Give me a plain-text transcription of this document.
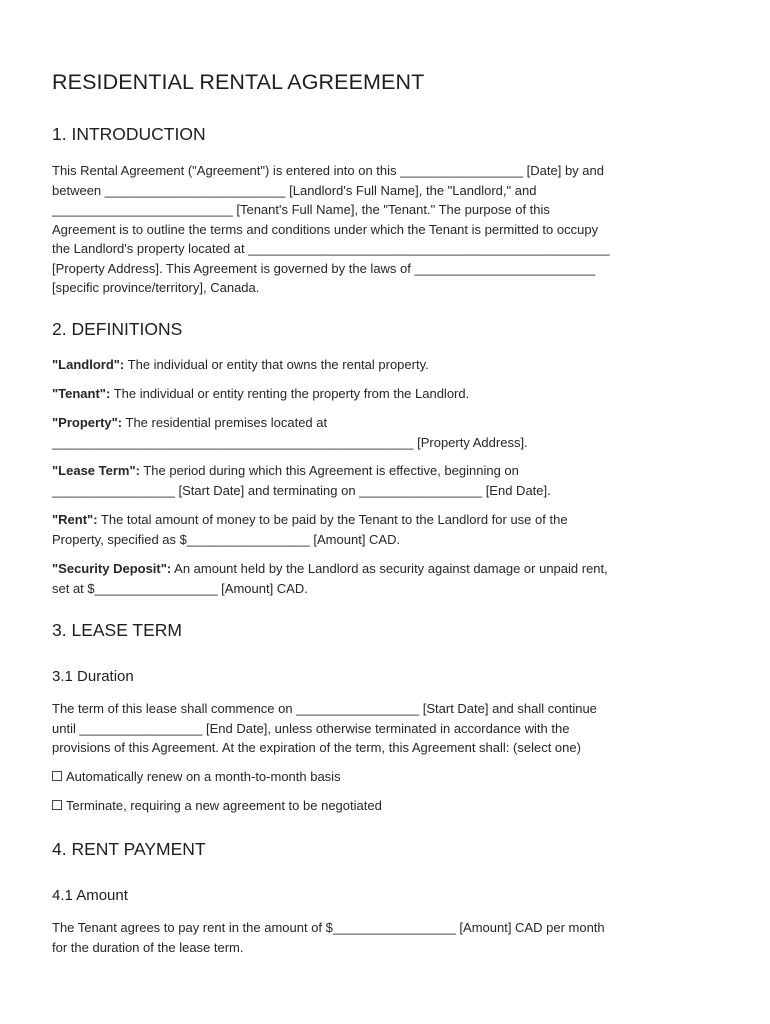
RESIDENTIAL RENTAL AGREEMENT
1. INTRODUCTION
This Rental Agreement ("Agreement") is entered into on this _________________ [Date] by and
between _________________________ [Landlord's Full Name], the "Landlord," and
_________________________ [Tenant's Full Name], the "Tenant." The purpose of this
Agreement is to outline the terms and conditions under which the Tenant is permitted to occupy
the Landlord's property located at __________________________________________________
[Property Address]. This Agreement is governed by the laws of _________________________
[specific province/territory], Canada.
2. DEFINITIONS
"Landlord": The individual or entity that owns the rental property.
"Tenant": The individual or entity renting the property from the Landlord.
"Property": The residential premises located at
__________________________________________________ [Property Address].
"Lease Term": The period during which this Agreement is effective, beginning on
_________________ [Start Date] and terminating on _________________ [End Date].
"Rent": The total amount of money to be paid by the Tenant to the Landlord for use of the
Property, specified as $_________________ [Amount] CAD.
"Security Deposit": An amount held by the Landlord as security against damage or unpaid rent,
set at $_________________ [Amount] CAD.
3. LEASE TERM
3.1 Duration
The term of this lease shall commence on _________________ [Start Date] and shall continue
until _________________ [End Date], unless otherwise terminated in accordance with the
provisions of this Agreement. At the expiration of the term, this Agreement shall: (select one)
Automatically renew on a month-to-month basis
Terminate, requiring a new agreement to be negotiated
4. RENT PAYMENT
4.1 Amount
The Tenant agrees to pay rent in the amount of $_________________ [Amount] CAD per month
for the duration of the lease term.
